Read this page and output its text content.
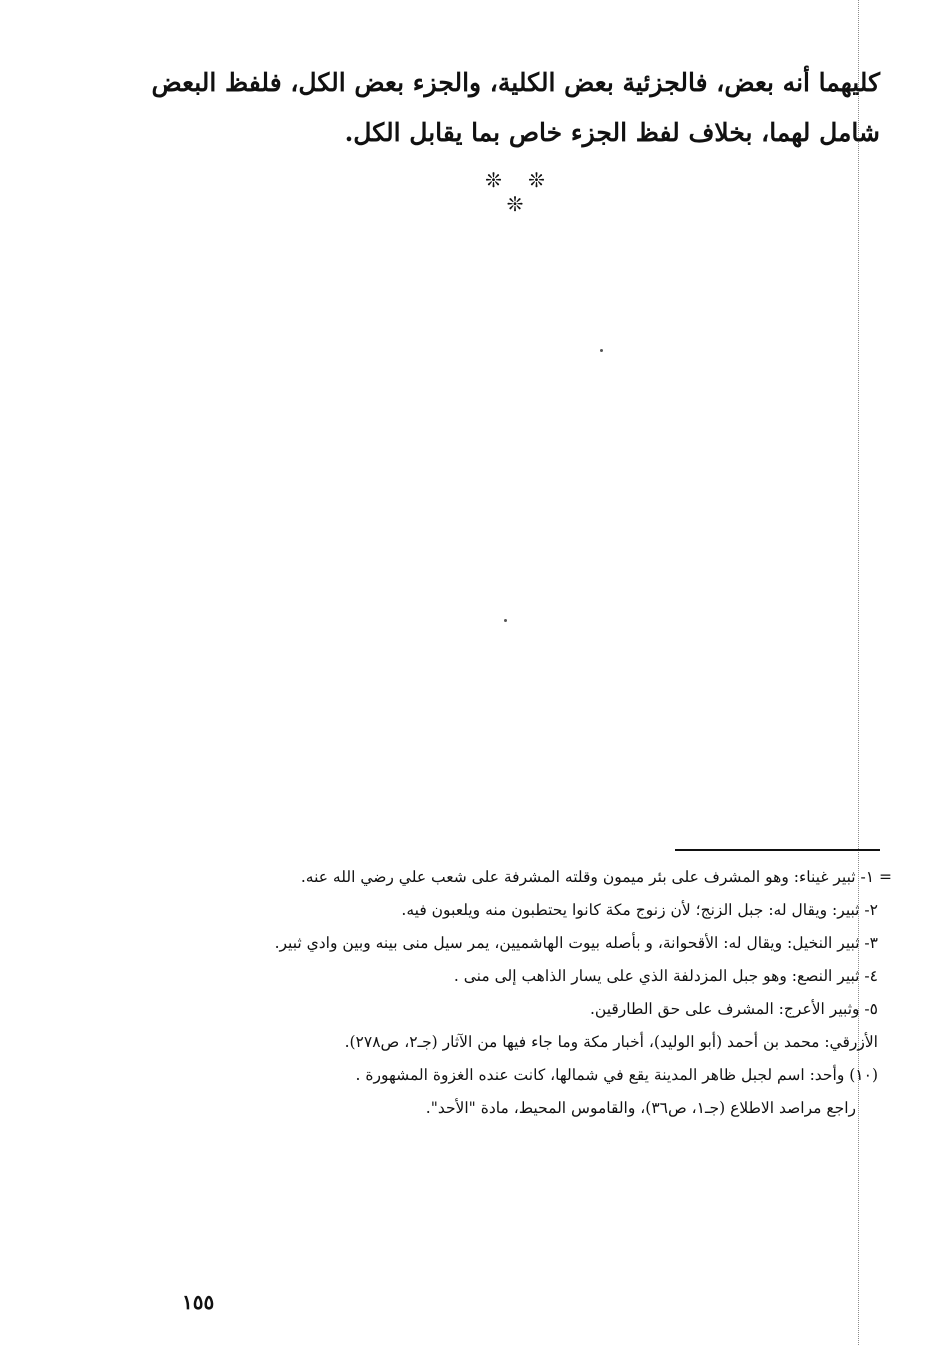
كليهما أنه بعض، فالجزئية بعض الكلية، والجزء بعض الكل، فلفظ البعض
شامل لهما، بخلاف لفظ الجزء خاص بما يقابل الكل.
❊ ❊ ❊
= ١- ثبير غيناء: وهو المشرف على بئر ميمون وقلته المشرفة على شعب علي رضي الله عنه.
٢- ثبير: ويقال له: جبل الزنج؛ لأن زنوج مكة كانوا يحتطبون منه ويلعبون فيه.
٣- ثبير النخيل: ويقال له: الأقحوانة، و بأصله بيوت الهاشميين، يمر سيل منى بينه وبين وادي ثبير.
٤- ثبير النصع: وهو جبل المزدلفة الذي على يسار الذاهب إلى منى .
٥- وثبير الأعرج: المشرف على حق الطارقين.
الأزرقي: محمد بن أحمد (أبو الوليد)، أخبار مكة وما جاء فيها من الآثار (جـ٢، ص٢٧٨).
(١٠) وأحد: اسم لجبل ظاهر المدينة يقع في شمالها، كانت عنده الغزوة المشهورة .
راجع مراصد الاطلاع (جـ١، ص٣٦)، والقاموس المحيط، مادة "الأحد".
١٥٥
